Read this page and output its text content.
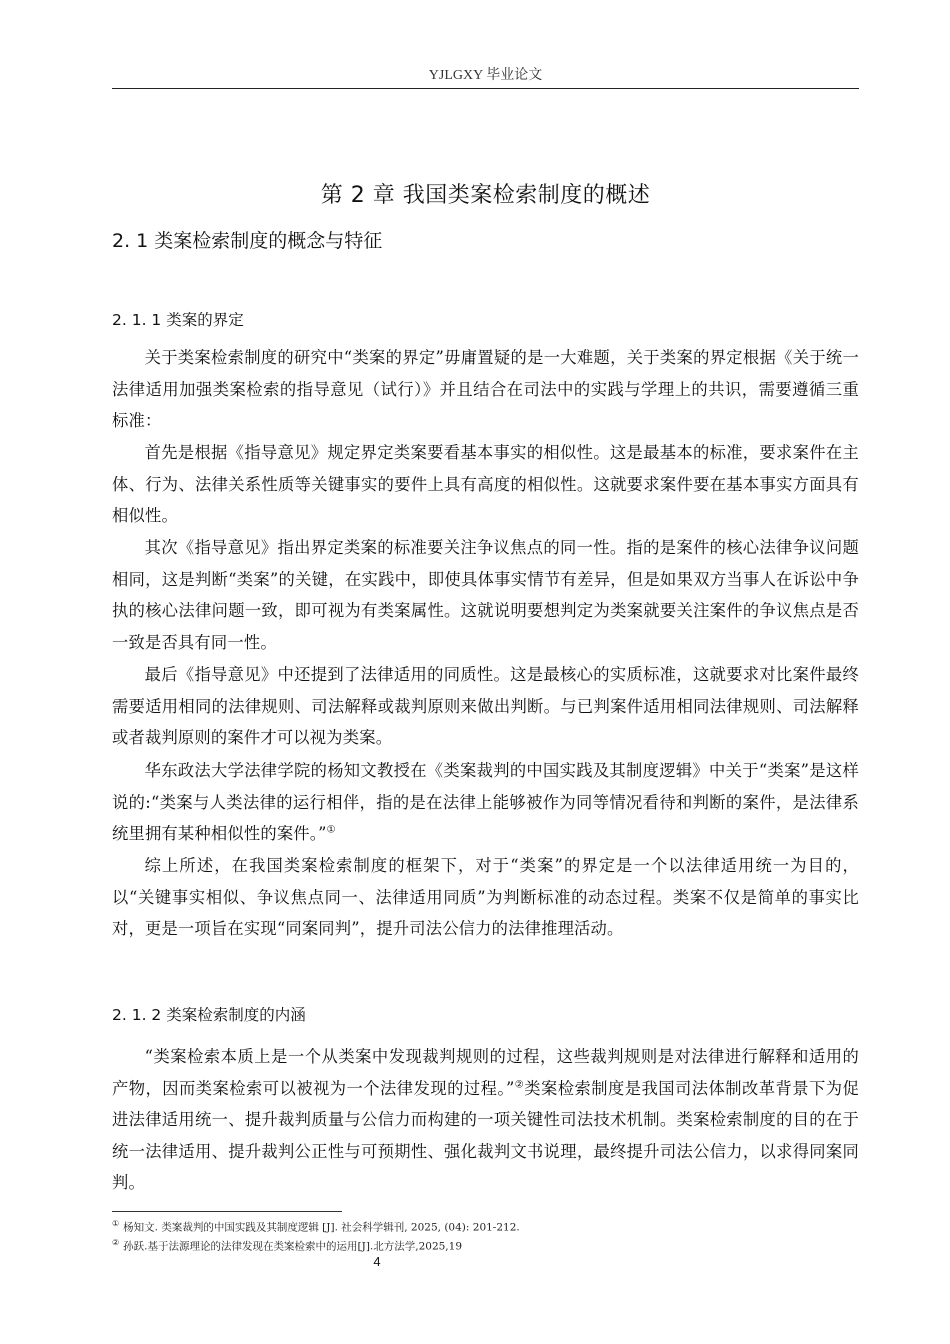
YJLGXY 毕业论文
第 2 章 我国类案检索制度的概述
2. 1 类案检索制度的概念与特征
2. 1. 1 类案的界定

关于类案检索制度的研究中“类案的界定”毋庸置疑的是一大难题，关于类案的界定根据《关于统一法律适用加强类案检索的指导意见（试行）》并且结合在司法中的实践与学理上的共识，需要遵循三重标准：

首先是根据《指导意见》规定界定类案要看基本事实的相似性。这是最基本的标准，要求案件在主体、行为、法律关系性质等关键事实的要件上具有高度的相似性。这就要求案件要在基本事实方面具有相似性。

其次《指导意见》指出界定类案的标准要关注争议焦点的同一性。指的是案件的核心法律争议问题相同，这是判断“类案”的关键，在实践中，即使具体事实情节有差异，但是如果双方当事人在诉讼中争执的核心法律问题一致，即可视为有类案属性。这就说明要想判定为类案就要关注案件的争议焦点是否一致是否具有同一性。

最后《指导意见》中还提到了法律适用的同质性。这是最核心的实质标准，这就要求对比案件最终需要适用相同的法律规则、司法解释或裁判原则来做出判断。与已判案件适用相同法律规则、司法解释或者裁判原则的案件才可以视为类案。

华东政法大学法律学院的杨知文教授在《类案裁判的中国实践及其制度逻辑》中关于“类案”是这样说的:“类案与人类法律的运行相伴，指的是在法律上能够被作为同等情况看待和判断的案件，是法律系统里拥有某种相似性的案件。”①

综上所述，在我国类案检索制度的框架下，对于“类案”的界定是一个以法律适用统一为目的，以“关键事实相似、争议焦点同一、法律适用同质”为判断标准的动态过程。类案不仅是简单的事实比对，更是一项旨在实现“同案同判”，提升司法公信力的法律推理活动。

2. 1. 2 类案检索制度的内涵

“类案检索本质上是一个从类案中发现裁判规则的过程，这些裁判规则是对法律进行解释和适用的产物，因而类案检索可以被视为一个法律发现的过程。”②类案检索制度是我国司法体制改革背景下为促进法律适用统一、提升裁判质量与公信力而构建的一项关键性司法技术机制。类案检索制度的目的在于统一法律适用、提升裁判公正性与可预期性、强化裁判文书说理，最终提升司法公信力，以求得同案同判。

① 杨知文. 类案裁判的中国实践及其制度逻辑 [J]. 社会科学辑刊, 2025, (04): 201-212.
② 孙跃.基于法源理论的法律发现在类案检索中的运用[J].北方法学,2025,19
4
